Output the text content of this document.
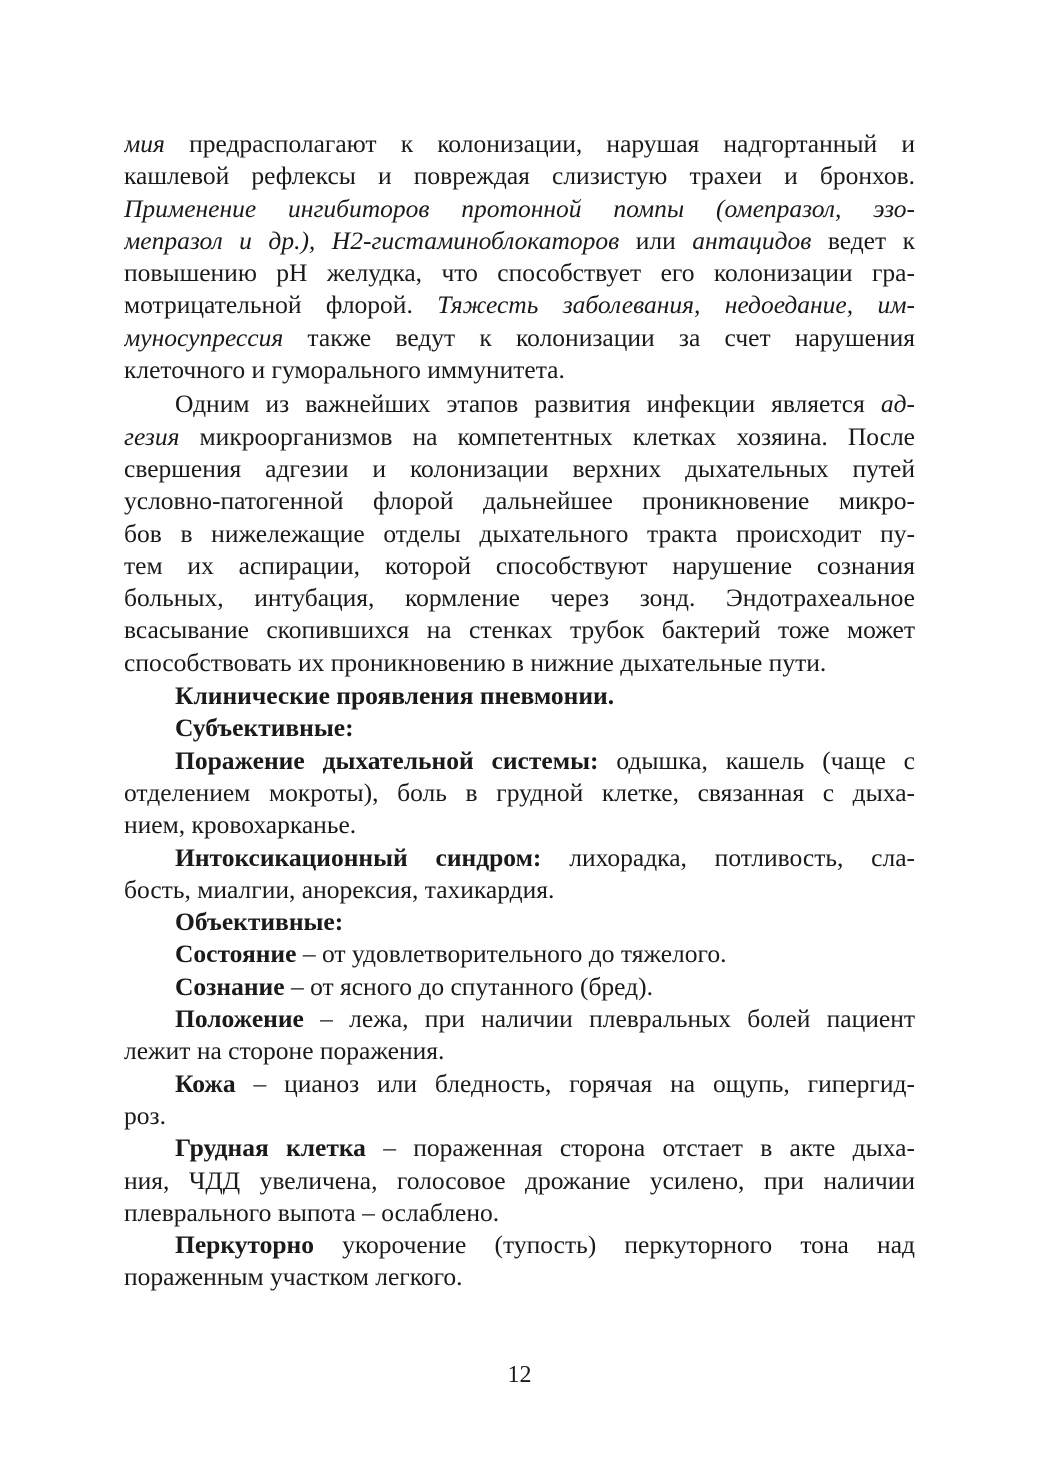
мия предрасполагают к колонизации, нарушая надгортанный и
кашлевой рефлексы и повреждая слизистую трахеи и бронхов.
Применение ингибиторов протонной помпы (омепразол, эзо-
мепразол и др.), Н2-гистаминоблокаторов или антацидов ведет к
повышению рН желудка, что способствует его колонизации гра-
мотрицательной флорой. Тяжесть заболевания, недоедание, им-
муносупрессия также ведут к колонизации за счет нарушения
клеточного и гуморального иммунитета.
Одним из важнейших этапов развития инфекции является ад-
гезия микроорганизмов на компетентных клетках хозяина. После
свершения адгезии и колонизации верхних дыхательных путей
условно-патогенной флорой дальнейшее проникновение микро-
бов в нижележащие отделы дыхательного тракта происходит пу-
тем их аспирации, которой способствуют нарушение сознания
больных, интубация, кормление через зонд. Эндотрахеальное
всасывание скопившихся на стенках трубок бактерий тоже может
способствовать их проникновению в нижние дыхательные пути.
Клинические проявления пневмонии.
Субъективные:
Поражение дыхательной системы: одышка, кашель (чаще с
отделением мокроты), боль в грудной клетке, связанная с дыха-
нием, кровохарканье.
Интоксикационный синдром: лихорадка, потливость, сла-
бость, миалгии, анорексия, тахикардия.
Объективные:
Состояние – от удовлетворительного до тяжелого.
Сознание – от ясного до спутанного (бред).
Положение – лежа, при наличии плевральных болей пациент
лежит на стороне поражения.
Кожа – цианоз или бледность, горячая на ощупь, гипергид-
роз.
Грудная клетка – пораженная сторона отстает в акте дыха-
ния, ЧДД увеличена, голосовое дрожание усилено, при наличии
плеврального выпота – ослаблено.
Перкуторно укорочение (тупость) перкуторного тона над
пораженным участком легкого.
12
